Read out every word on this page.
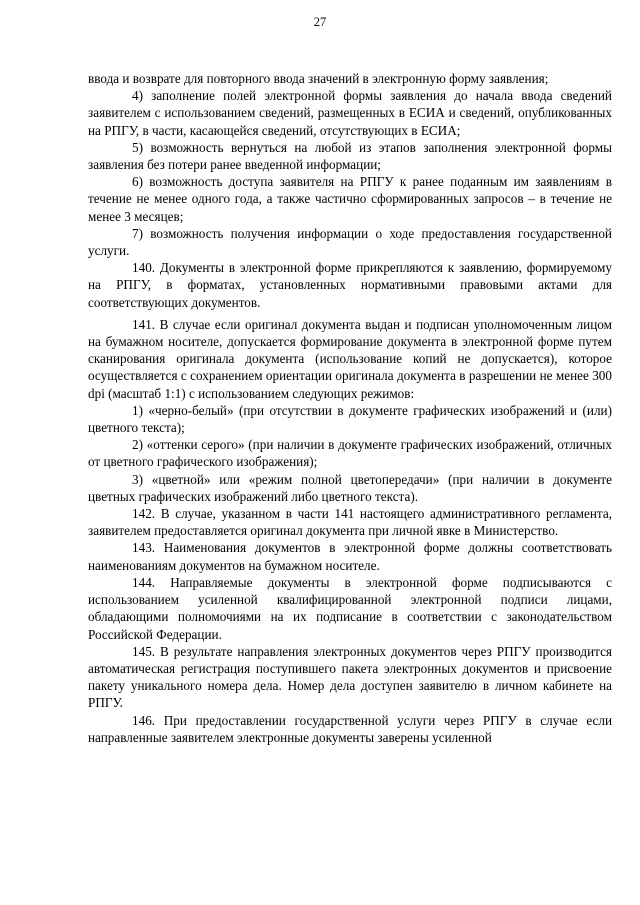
27

ввода и возврате для повторного ввода значений в электронную форму заявления;

4) заполнение полей электронной формы заявления до начала ввода сведений заявителем с использованием сведений, размещенных в ЕСИА и сведений, опубликованных на РПГУ, в части, касающейся сведений, отсутствующих в ЕСИА;

5) возможность вернуться на любой из этапов заполнения электронной формы заявления без потери ранее введенной информации;

6) возможность доступа заявителя на РПГУ к ранее поданным им заявлениям в течение не менее одного года, а также частично сформированных запросов – в течение не менее 3 месяцев;

7) возможность получения информации о ходе предоставления государственной услуги.

140. Документы в электронной форме прикрепляются к заявлению, формируемому на РПГУ, в форматах, установленных нормативными правовыми актами для соответствующих документов.

141. В случае если оригинал документа выдан и подписан уполномоченным лицом на бумажном носителе, допускается формирование документа в электронной форме путем сканирования оригинала документа (использование копий не допускается), которое осуществляется с сохранением ориентации оригинала документа в разрешении не менее 300 dpi (масштаб 1:1) с использованием следующих режимов:

1) «черно-белый» (при отсутствии в документе графических изображений и (или) цветного текста);

2) «оттенки серого» (при наличии в документе графических изображений, отличных от цветного графического изображения);

3) «цветной» или «режим полной цветопередачи» (при наличии в документе цветных графических изображений либо цветного текста).

142. В случае, указанном в части 141 настоящего административного регламента, заявителем предоставляется оригинал документа при личной явке в Министерство.

143. Наименования документов в электронной форме должны соответствовать наименованиям документов на бумажном носителе.

144. Направляемые документы в электронной форме подписываются с использованием усиленной квалифицированной электронной подписи лицами, обладающими полномочиями на их подписание в соответствии с законодательством Российской Федерации.

145. В результате направления электронных документов через РПГУ производится автоматическая регистрация поступившего пакета электронных документов и присвоение пакету уникального номера дела. Номер дела доступен заявителю в личном кабинете на РПГУ.

146. При предоставлении государственной услуги через РПГУ в случае если направленные заявителем электронные документы заверены усиленной
